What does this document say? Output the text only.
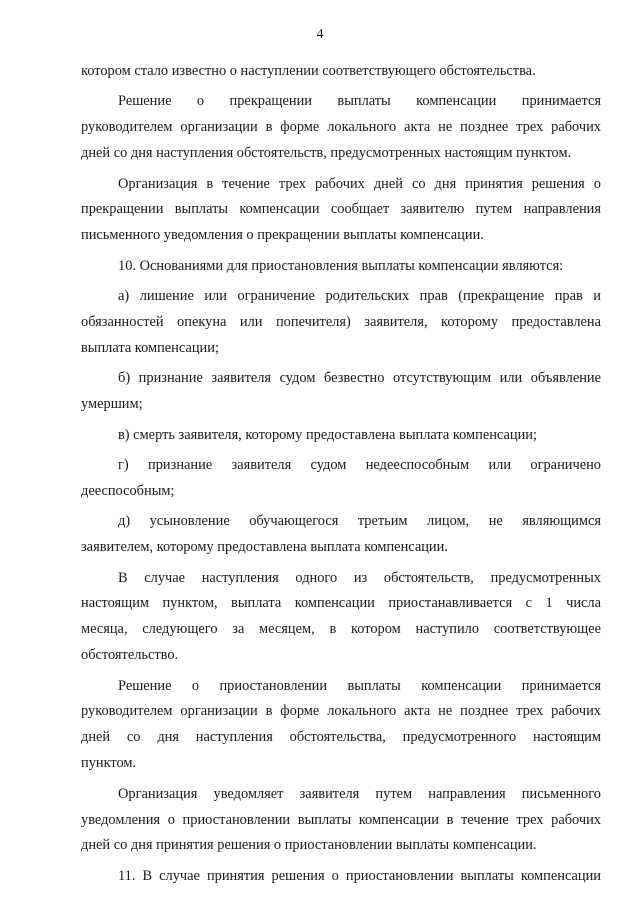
4
котором стало известно о наступлении соответствующего обстоятельства.
Решение о прекращении выплаты компенсации принимается
руководителем организации в форме локального акта не позднее трех рабочих
дней со дня наступления обстоятельств, предусмотренных настоящим пунктом.
Организация в течение трех рабочих дней со дня принятия решения о
прекращении выплаты компенсации сообщает заявителю путем направления
письменного уведомления о прекращении выплаты компенсации.
10. Основаниями для приостановления выплаты компенсации являются:
а) лишение или ограничение родительских прав (прекращение прав и
обязанностей опекуна или попечителя) заявителя, которому предоставлена
выплата компенсации;
б) признание заявителя судом безвестно отсутствующим или объявление
умершим;
в) смерть заявителя, которому предоставлена выплата компенсации;
г) признание заявителя судом недееспособным или ограничено
дееспособным;
д) усыновление обучающегося третьим лицом, не являющимся
заявителем, которому предоставлена выплата компенсации.
В случае наступления одного из обстоятельств, предусмотренных
настоящим пунктом, выплата компенсации приостанавливается с 1 числа
месяца, следующего за месяцем, в котором наступило соответствующее
обстоятельство.
Решение о приостановлении выплаты компенсации принимается
руководителем организации в форме локального акта не позднее трех рабочих
дней со дня наступления обстоятельства, предусмотренного настоящим
пунктом.
Организация уведомляет заявителя путем направления письменного
уведомления о приостановлении выплаты компенсации в течение трех рабочих
дней со дня принятия решения о приостановлении выплаты компенсации.
11. В случае принятия решения о приостановлении выплаты компенсации
